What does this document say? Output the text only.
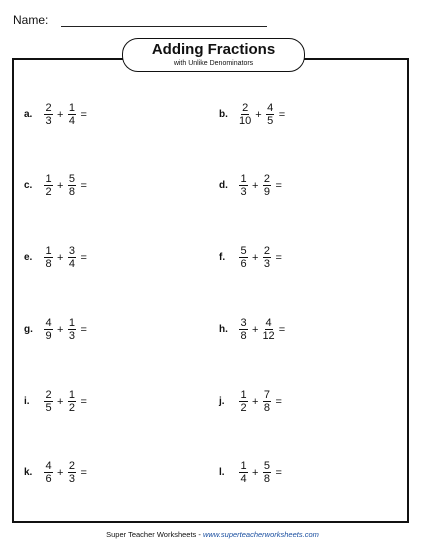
Name:
Adding Fractions
with Unlike Denominators
a.	$\frac{2}{3} + \frac{1}{4}$ =	b.	$\frac{2}{10} + \frac{4}{5}$ =
c.	$\frac{1}{2} + \frac{5}{8}$ =	d.	$\frac{1}{3} + \frac{2}{9}$ =
e.	$\frac{1}{8} + \frac{3}{4}$ =	f.	$\frac{5}{6} + \frac{2}{3}$ =
g.	$\frac{4}{9} + \frac{1}{3}$ =	h.	$\frac{3}{8} + \frac{4}{12}$ =
i.	$\frac{2}{5} + \frac{1}{2}$ =	j.	$\frac{1}{2} + \frac{7}{8}$ =
k.	$\frac{4}{6} + \frac{2}{3}$ =	l.	$\frac{1}{4} + \frac{5}{8}$ =
Super Teacher Worksheets - www.superteacherworksheets.com
